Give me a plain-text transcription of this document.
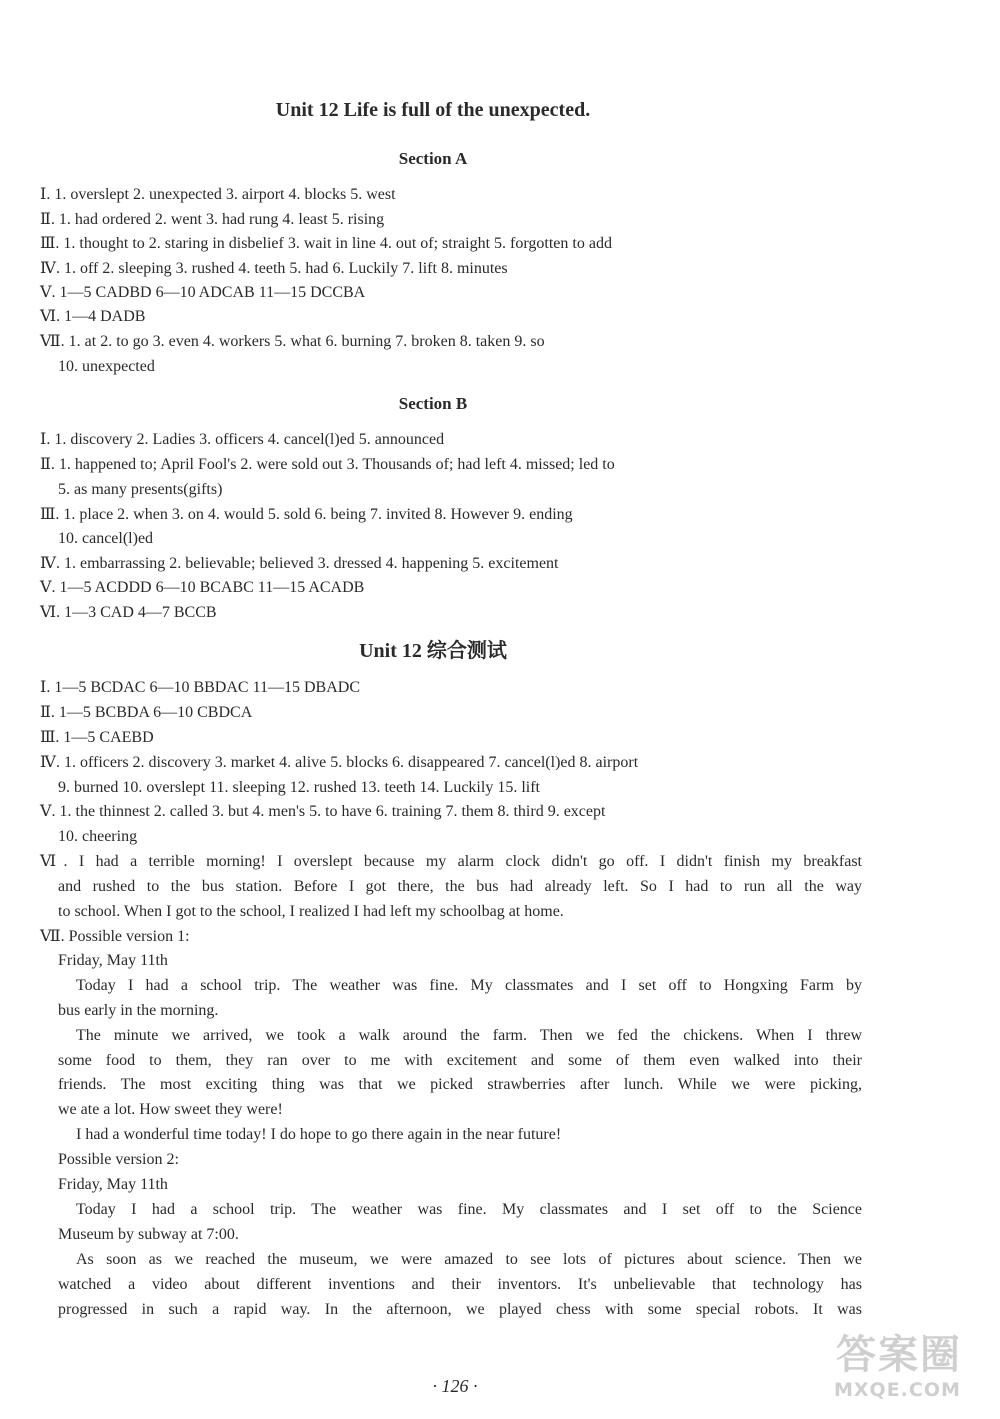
Unit 12 Life is full of the unexpected.
Section A
Ⅰ. 1. overslept 2. unexpected 3. airport 4. blocks 5. west
Ⅱ. 1. had ordered 2. went 3. had rung 4. least 5. rising
Ⅲ. 1. thought to 2. staring in disbelief 3. wait in line 4. out of; straight 5. forgotten to add
Ⅳ. 1. off 2. sleeping 3. rushed 4. teeth 5. had 6. Luckily 7. lift 8. minutes
Ⅴ. 1—5 CADBD 6—10 ADCAB 11—15 DCCBA
Ⅵ. 1—4 DADB
Ⅶ. 1. at 2. to go 3. even 4. workers 5. what 6. burning 7. broken 8. taken 9. so
10. unexpected
Section B
Ⅰ. 1. discovery 2. Ladies 3. officers 4. cancel(l)ed 5. announced
Ⅱ. 1. happened to; April Fool's 2. were sold out 3. Thousands of; had left 4. missed; led to
5. as many presents(gifts)
Ⅲ. 1. place 2. when 3. on 4. would 5. sold 6. being 7. invited 8. However 9. ending
10. cancel(l)ed
Ⅳ. 1. embarrassing 2. believable; believed 3. dressed 4. happening 5. excitement
Ⅴ. 1—5 ACDDD 6—10 BCABC 11—15 ACADB
Ⅵ. 1—3 CAD 4—7 BCCB
Unit 12 综合测试
Ⅰ. 1—5 BCDAC 6—10 BBDAC 11—15 DBADC
Ⅱ. 1—5 BCBDA 6—10 CBDCA
Ⅲ. 1—5 CAEBD
Ⅳ. 1. officers 2. discovery 3. market 4. alive 5. blocks 6. disappeared 7. cancel(l)ed 8. airport
9. burned 10. overslept 11. sleeping 12. rushed 13. teeth 14. Luckily 15. lift
Ⅴ. 1. the thinnest 2. called 3. but 4. men's 5. to have 6. training 7. them 8. third 9. except
10. cheering
Ⅵ. I had a terrible morning! I overslept because my alarm clock didn't go off. I didn't finish my breakfast
and rushed to the bus station. Before I got there, the bus had already left. So I had to run all the way
to school. When I got to the school, I realized I had left my schoolbag at home.
Ⅶ. Possible version 1:
Friday, May 11th
Today I had a school trip. The weather was fine. My classmates and I set off to Hongxing Farm by
bus early in the morning.
The minute we arrived, we took a walk around the farm. Then we fed the chickens. When I threw
some food to them, they ran over to me with excitement and some of them even walked into their
friends. The most exciting thing was that we picked strawberries after lunch. While we were picking,
we ate a lot. How sweet they were!
I had a wonderful time today! I do hope to go there again in the near future!
Possible version 2:
Friday, May 11th
Today I had a school trip. The weather was fine. My classmates and I set off to the Science
Museum by subway at 7:00.
As soon as we reached the museum, we were amazed to see lots of pictures about science. Then we
watched a video about different inventions and their inventors. It's unbelievable that technology has
progressed in such a rapid way. In the afternoon, we played chess with some special robots. It was
· 126 ·
答案圈
MXQE.COM
